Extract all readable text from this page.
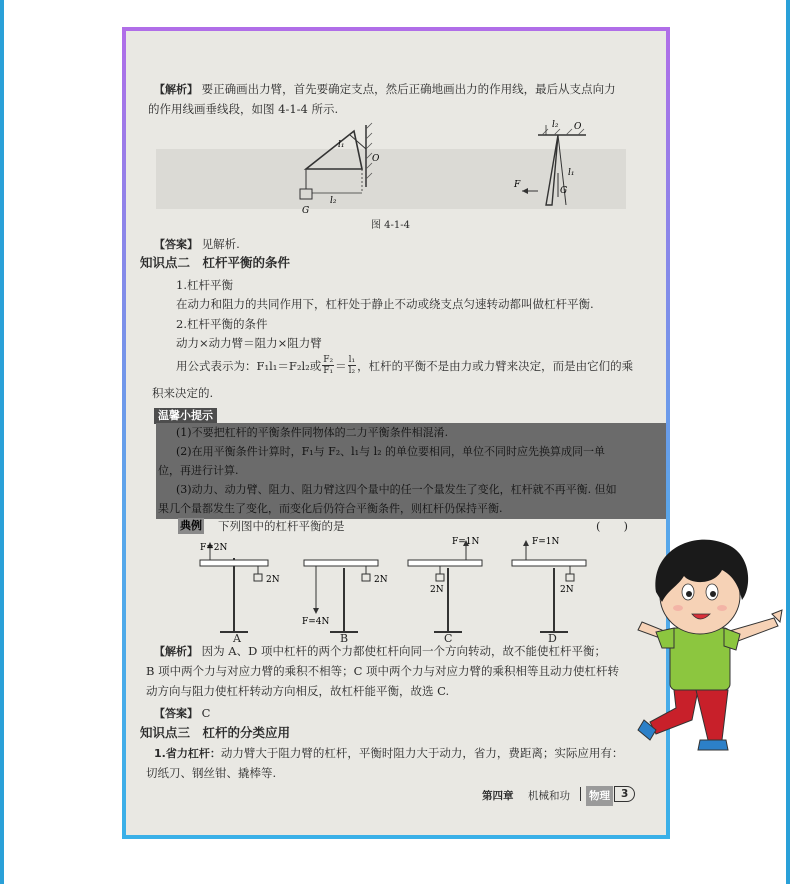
【解析】 要正确画出力臂，首先要确定支点，然后正确地画出力的作用线，最后从支点向力
的作用线画垂线段，如图 4-1-4 所示.
l₁
O
l₂
G
l₂ O
l₁
F
G
图 4-1-4
【答案】 见解析.
知识点二　杠杆平衡的条件
1.杠杆平衡
在动力和阻力的共同作用下，杠杆处于静止不动或绕支点匀速转动都叫做杠杆平衡.
2.杠杆平衡的条件
动力×动力臂＝阻力×阻力臂
用公式表示为：F₁l₁＝F₂l₂或 $\frac{\text{F₂}}{\text{F₁}} = \frac{\text{l₁}}{\text{l₂}}$ ，杠杆的平衡不是由力或力臂来决定，而是由它们的乘
积来决定的.
温馨小提示
(1)不要把杠杆的平衡条件同物体的二力平衡条件相混淆.
(2)在用平衡条件计算时，F₁与 F₂、l₁与 l₂ 的单位要相同，单位不同时应先换算成同一单
位，再进行计算.
(3)动力、动力臂、阻力、阻力臂这四个量中的任一个量发生了变化，杠杆就不再平衡. 但如
果几个量都发生了变化，而变化后仍符合平衡条件，则杠杆仍保持平衡.
典例 下列图中的杠杆平衡的是	(　　)
F=2N
2N	2N
F=4N
F=1N
2N
F=1N
2N
A	B	C	D
【解析】 因为 A、D 项中杠杆的两个力都使杠杆向同一个方向转动，故不能使杠杆平衡；
B 项中两个力与对应力臂的乘积不相等；C 项中两个力与对应力臂的乘积相等且动力使杠杆转
动方向与阻力使杠杆转动方向相反，故杠杆能平衡，故选 C.
【答案】 C
知识点三　杠杆的分类应用
1.省力杠杆：动力臂大于阻力臂的杠杆，平衡时阻力大于动力，省力，费距离；实际应用有：
切纸刀、钢丝钳、撬棒等.
第四章 机械和功 物理	3
